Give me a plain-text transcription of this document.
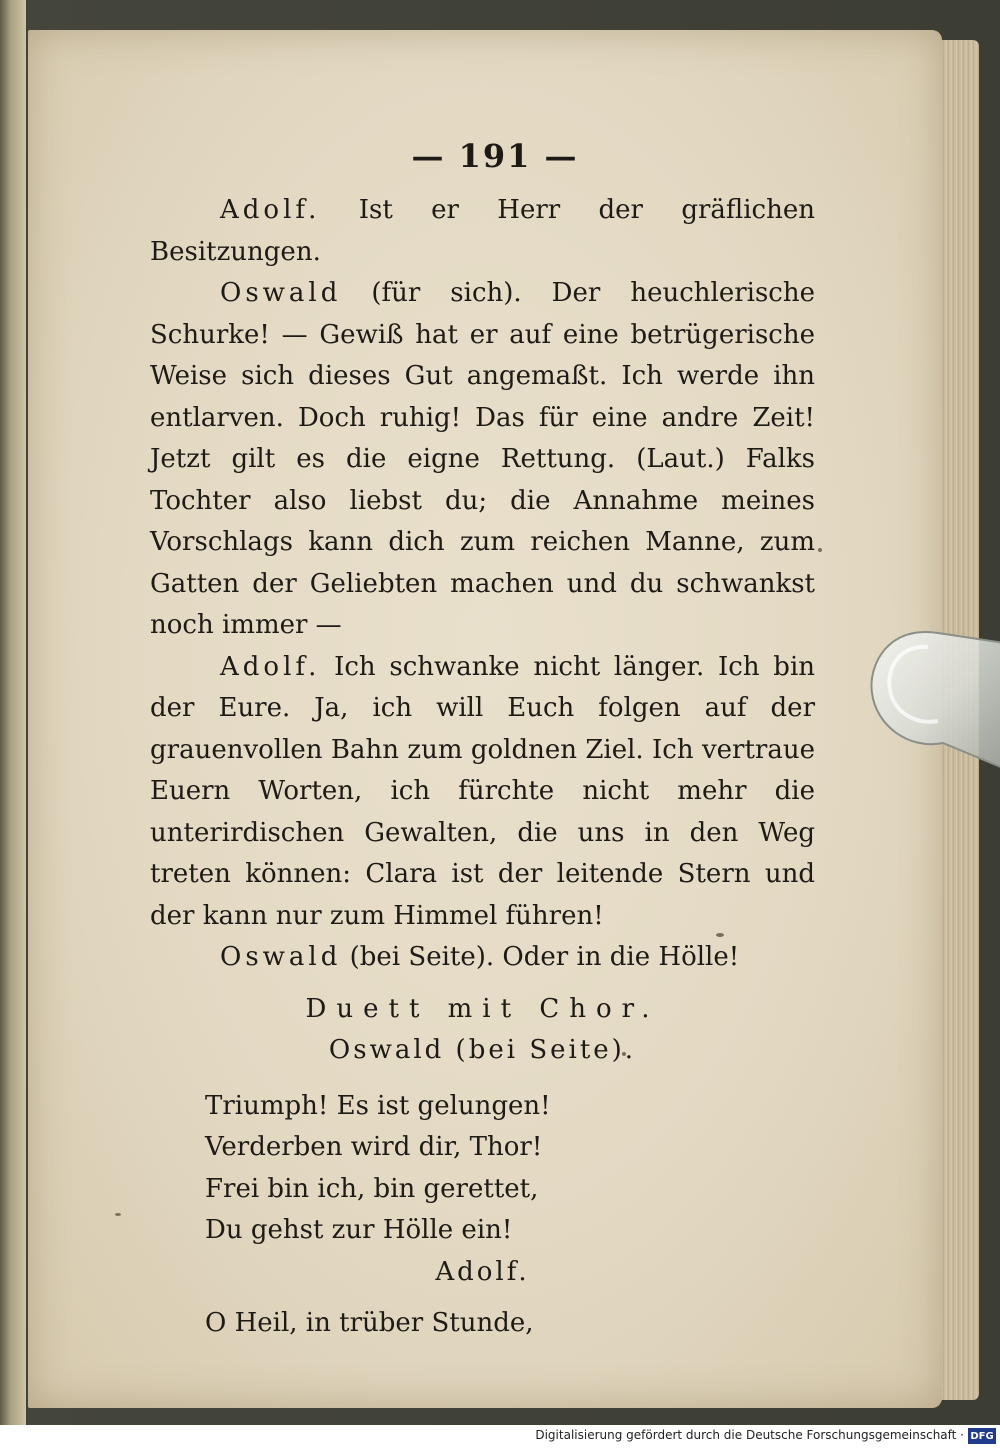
— 191 —

Adolf. Ist er Herr der gräflichen Besitzungen.

Oswald (für sich). Der heuchlerische Schurke! — Gewiß hat er auf eine betrügerische Weise sich dieses Gut angemaßt. Ich werde ihn entlarven. Doch ruhig! Das für eine andre Zeit! Jetzt gilt es die eigne Rettung. (Laut.) Falks Tochter also liebst du; die Annahme meines Vorschlags kann dich zum reichen Manne, zum Gatten der Geliebten machen und du schwankst noch immer —

Adolf. Ich schwanke nicht länger. Ich bin der Eure. Ja, ich will Euch folgen auf der grauenvollen Bahn zum goldnen Ziel. Ich vertraue Euern Worten, ich fürchte nicht mehr die unterirdischen Gewalten, die uns in den Weg treten können: Clara ist der leitende Stern und der kann nur zum Himmel führen!

Oswald (bei Seite). Oder in die Hölle!

Duett mit Chor.

Oswald (bei Seite).

Triumph! Es ist gelungen!

Verderben wird dir, Thor!

Frei bin ich, bin gerettet,

Du gehst zur Hölle ein!

Adolf.

O Heil, in trüber Stunde,

Digitalisierung gefördert durch die Deutsche Forschungsgemeinschaft · DFG
